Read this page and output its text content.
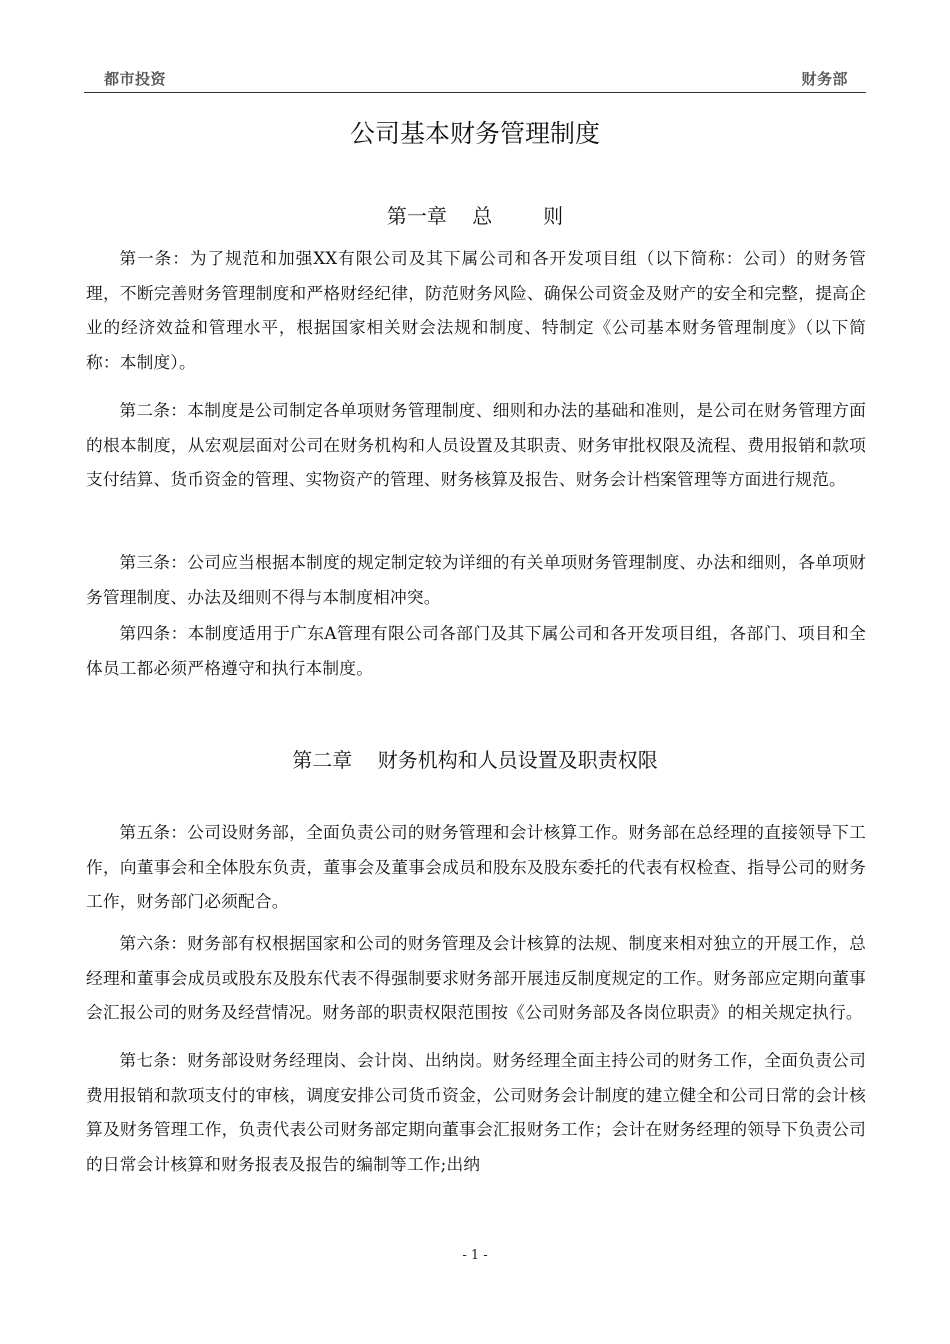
都市投资	财务部
公司基本财务管理制度
第一章    总        则

第一条：为了规范和加强XX有限公司及其下属公司和各开发项目组（以下简称：公司）的财务管理，不断完善财务管理制度和严格财经纪律，防范财务风险、确保公司资金及财产的安全和完整，提高企业的经济效益和管理水平，根据国家相关财会法规和制度、特制定《公司基本财务管理制度》（以下简称：本制度）。

第二条：本制度是公司制定各单项财务管理制度、细则和办法的基础和准则，是公司在财务管理方面的根本制度，从宏观层面对公司在财务机构和人员设置及其职责、财务审批权限及流程、费用报销和款项支付结算、货币资金的管理、实物资产的管理、财务核算及报告、财务会计档案管理等方面进行规范。

第三条：公司应当根据本制度的规定制定较为详细的有关单项财务管理制度、办法和细则，各单项财务管理制度、办法及细则不得与本制度相冲突。

第四条：本制度适用于广东A管理有限公司各部门及其下属公司和各开发项目组，各部门、项目和全体员工都必须严格遵守和执行本制度。

第二章    财务机构和人员设置及职责权限

第五条：公司设财务部，全面负责公司的财务管理和会计核算工作。财务部在总经理的直接领导下工作，向董事会和全体股东负责，董事会及董事会成员和股东及股东委托的代表有权检查、指导公司的财务工作，财务部门必须配合。

第六条：财务部有权根据国家和公司的财务管理及会计核算的法规、制度来相对独立的开展工作，总经理和董事会成员或股东及股东代表不得强制要求财务部开展违反制度规定的工作。财务部应定期向董事会汇报公司的财务及经营情况。财务部的职责权限范围按《公司财务部及各岗位职责》的相关规定执行。

第七条：财务部设财务经理岗、会计岗、出纳岗。财务经理全面主持公司的财务工作，全面负责公司费用报销和款项支付的审核，调度安排公司货币资金，公司财务会计制度的建立健全和公司日常的会计核算及财务管理工作，负责代表公司财务部定期向董事会汇报财务工作；会计在财务经理的领导下负责公司的日常会计核算和财务报表及报告的编制等工作;出纳

- 1 -
